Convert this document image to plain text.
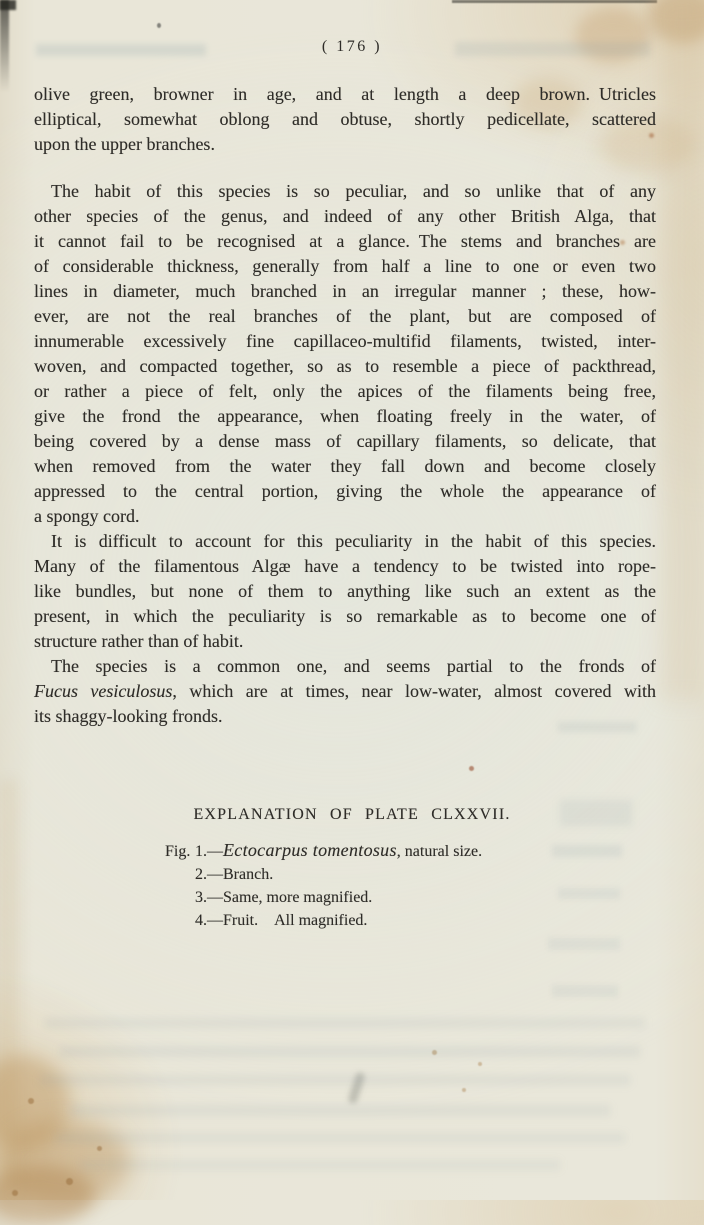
( 176 )
olive green, browner in age, and at length a deep brown. Utricles
elliptical, somewhat oblong and obtuse, shortly pedicellate, scattered
upon the upper branches.
The habit of this species is so peculiar, and so unlike that of any
other species of the genus, and indeed of any other British Alga, that
it cannot fail to be recognised at a glance. The stems and branches are
of considerable thickness, generally from half a line to one or even two
lines in diameter, much branched in an irregular manner ; these, how-
ever, are not the real branches of the plant, but are composed of
innumerable excessively fine capillaceo-multifid filaments, twisted, inter-
woven, and compacted together, so as to resemble a piece of packthread,
or rather a piece of felt, only the apices of the filaments being free,
give the frond the appearance, when floating freely in the water, of
being covered by a dense mass of capillary filaments, so delicate, that
when removed from the water they fall down and become closely
appressed to the central portion, giving the whole the appearance of
a spongy cord.
It is difficult to account for this peculiarity in the habit of this species.
Many of the filamentous Algæ have a tendency to be twisted into rope-
like bundles, but none of them to anything like such an extent as the
present, in which the peculiarity is so remarkable as to become one of
structure rather than of habit.
The species is a common one, and seems partial to the fronds of
Fucus vesiculosus, which are at times, near low-water, almost covered with
its shaggy-looking fronds.
EXPLANATION OF PLATE CLXXVII.
Fig. 1.—Ectocarpus tomentosus, natural size.
2.—Branch.
3.—Same, more magnified.
4.—Fruit. All magnified.
